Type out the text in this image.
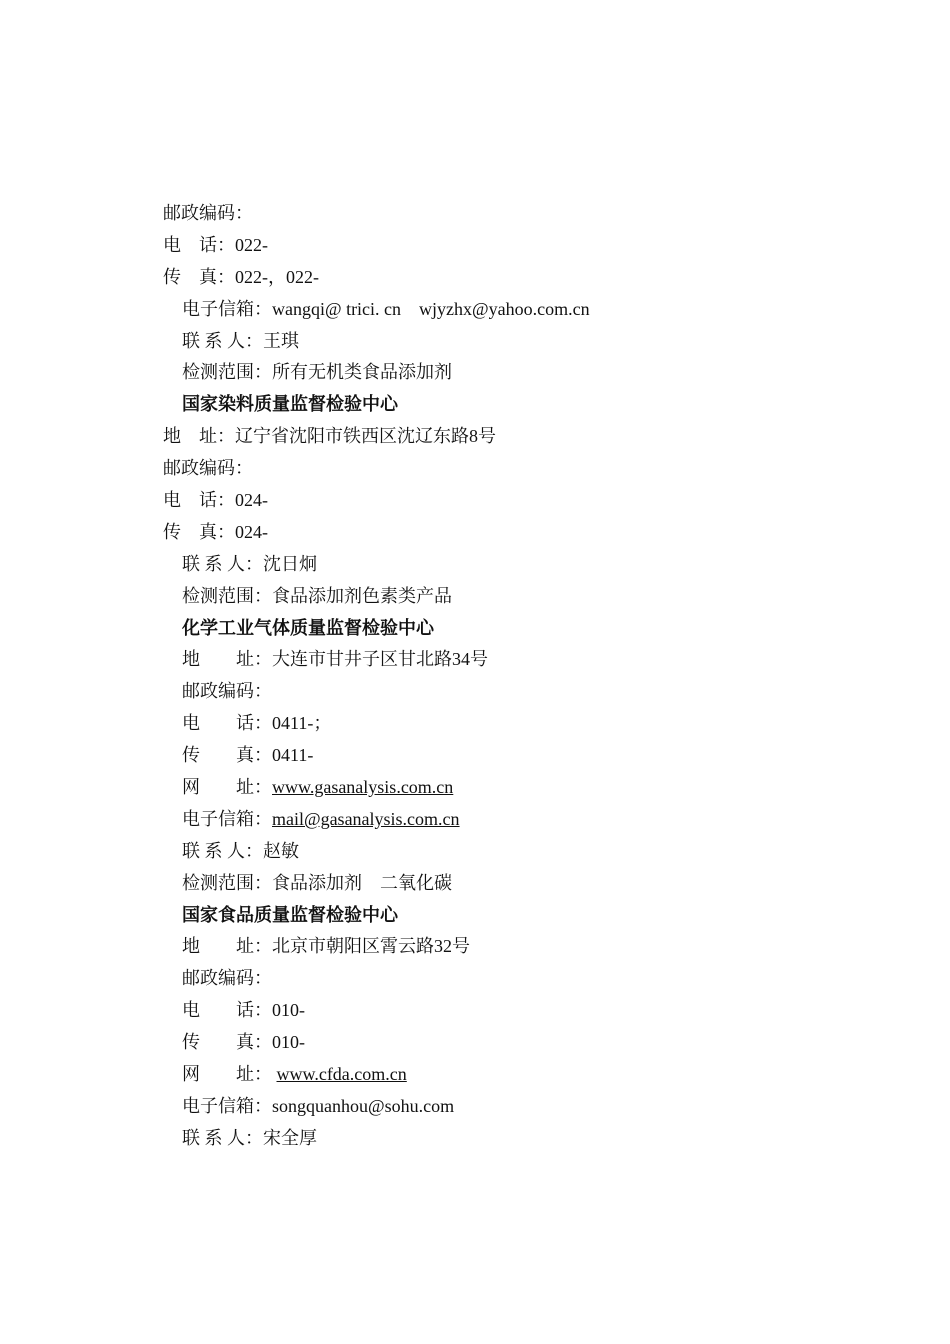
邮政编码：
电    话：022-
传    真：022-，022-
电子信箱：wangqi@ trici. cn    wjyzhx@yahoo.com.cn
联 系 人：王琪
检测范围：所有无机类食品添加剂
国家染料质量监督检验中心
地    址：辽宁省沈阳市铁西区沈辽东路8号
邮政编码：
电    话：024-
传    真：024-
联 系 人：沈日炯
检测范围：食品添加剂色素类产品
化学工业气体质量监督检验中心
地        址：大连市甘井子区甘北路34号
邮政编码：
电        话：0411-；
传        真：0411-
网        址：www.gasanalysis.com.cn
电子信箱：mail@gasanalysis.com.cn
联 系 人：赵敏
检测范围：食品添加剂    二氧化碳
国家食品质量监督检验中心
地        址：北京市朝阳区霄云路32号
邮政编码：
电        话：010-
传        真：010-
网        址： www.cfda.com.cn
电子信箱：songquanhou@sohu.com
联 系 人：宋全厚
